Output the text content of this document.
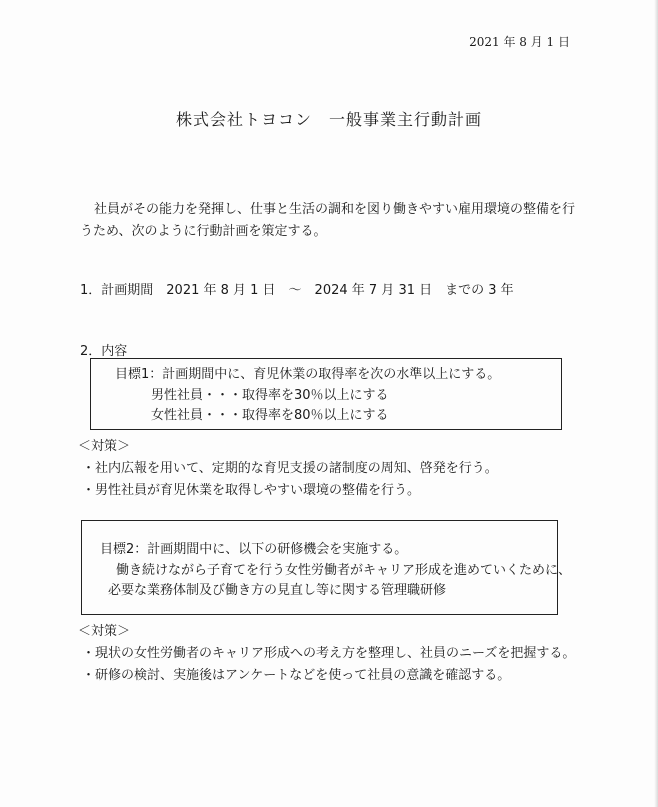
2021 年 8 月 1 日
株式会社トヨコン　一般事業主行動計画
社員がその能力を発揮し、仕事と生活の調和を図り働きやすい雇用環境の整備を行
うため、次のように行動計画を策定する。
1．計画期間　2021 年 8 月 1 日　～　2024 年 7 月 31 日　までの 3 年
2．内容
目標1：計画期間中に、育児休業の取得率を次の水準以上にする。
男性社員・・・取得率を30％以上にする
女性社員・・・取得率を80％以上にする
＜対策＞
・社内広報を用いて、定期的な育児支援の諸制度の周知、啓発を行う。
・男性社員が育児休業を取得しやすい環境の整備を行う。
目標2：計画期間中に、以下の研修機会を実施する。
働き続けながら子育てを行う女性労働者がキャリア形成を進めていくために、
必要な業務体制及び働き方の見直し等に関する管理職研修
＜対策＞
・現状の女性労働者のキャリア形成への考え方を整理し、社員のニーズを把握する。
・研修の検討、実施後はアンケートなどを使って社員の意識を確認する。
